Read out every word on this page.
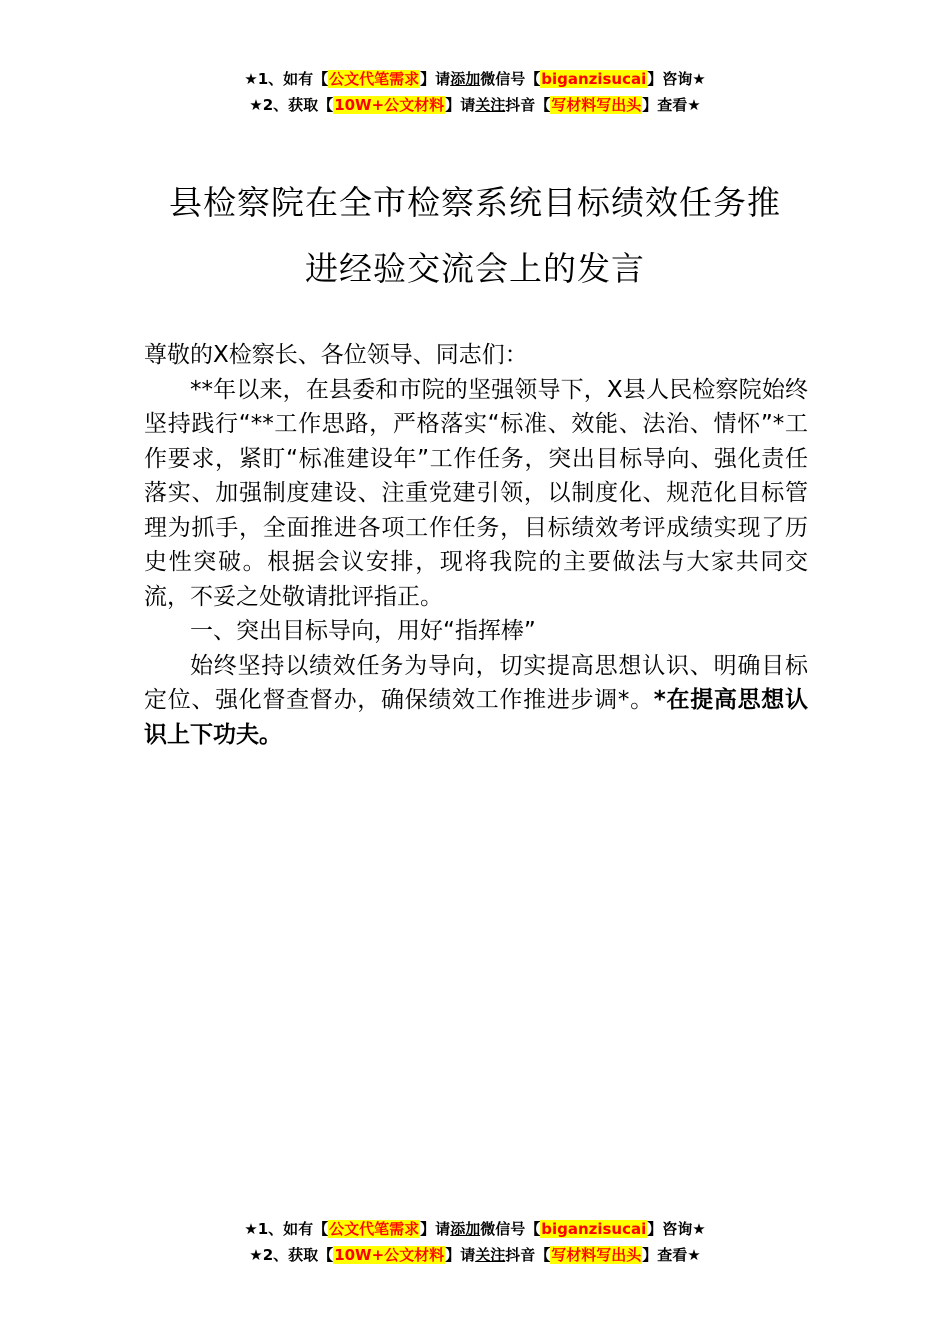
★1、如有【公文代笔需求】请添加微信号【biganzisucai】咨询★
★2、获取【10W+公文材料】请关注抖音【写材料写出头】查看★
县检察院在全市检察系统目标绩效任务推
进经验交流会上的发言

尊敬的X检察长、各位领导、同志们：

**年以来，在县委和市院的坚强领导下，X县人民检察院始终坚持践行“**工作思路，严格落实“标准、效能、法治、情怀”*工作要求，紧盯“标准建设年”工作任务，突出目标导向、强化责任落实、加强制度建设、注重党建引领，以制度化、规范化目标管理为抓手，全面推进各项工作任务，目标绩效考评成绩实现了历史性突破。根据会议安排，现将我院的主要做法与大家共同交流，不妥之处敬请批评指正。

一、突出目标导向，用好“指挥棒”

始终坚持以绩效任务为导向，切实提高思想认识、明确目标定位、强化督查督办，确保绩效工作推进步调*。*在提高思想认识上下功夫。

★1、如有【公文代笔需求】请添加微信号【biganzisucai】咨询★
★2、获取【10W+公文材料】请关注抖音【写材料写出头】查看★
